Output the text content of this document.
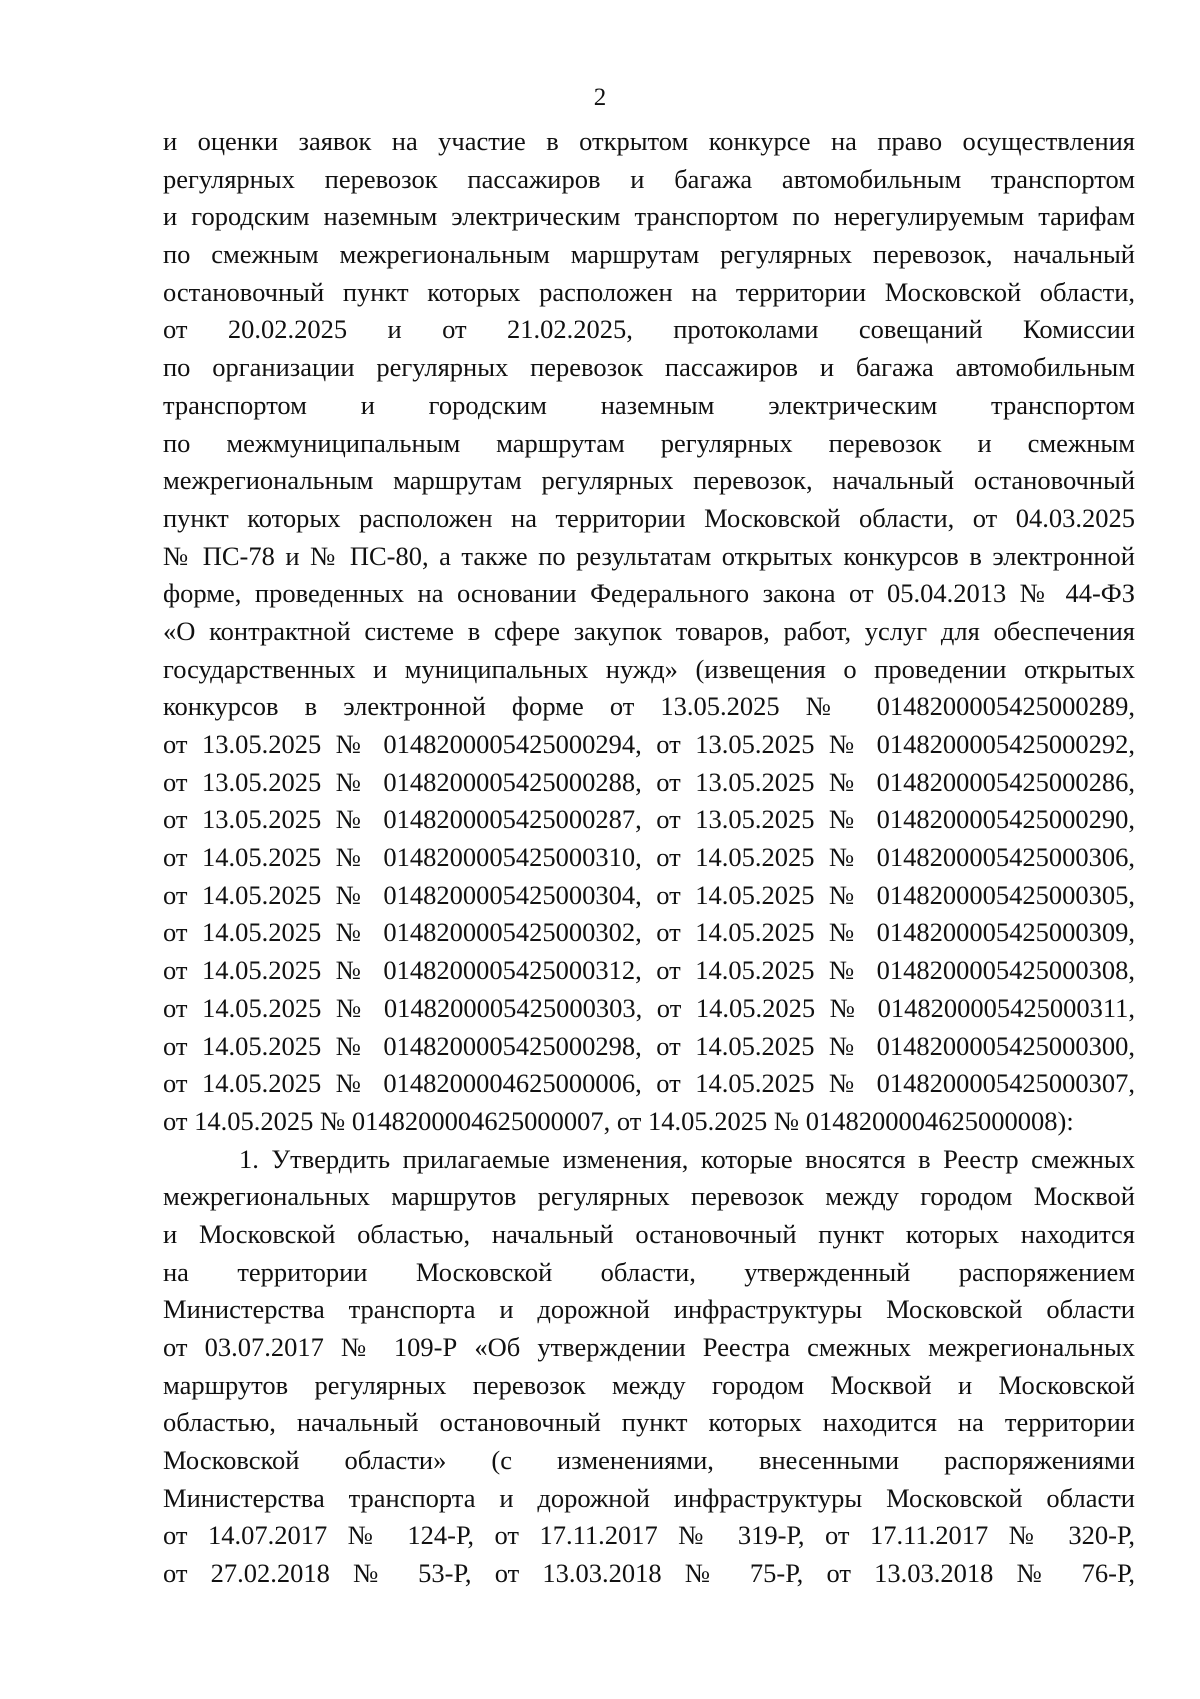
2
и оценки заявок на участие в открытом конкурсе на право осуществления
регулярных перевозок пассажиров и багажа автомобильным транспортом
и городским наземным электрическим транспортом по нерегулируемым тарифам
по смежным межрегиональным маршрутам регулярных перевозок, начальный
остановочный пункт которых расположен на территории Московской области,
от 20.02.2025 и от 21.02.2025, протоколами совещаний Комиссии
по организации регулярных перевозок пассажиров и багажа автомобильным
транспортом и городским наземным электрическим транспортом
по межмуниципальным маршрутам регулярных перевозок и смежным
межрегиональным маршрутам регулярных перевозок, начальный остановочный
пункт которых расположен на территории Московской области, от 04.03.2025
№ ПС-78 и № ПС-80, а также по результатам открытых конкурсов в электронной
форме, проведенных на основании Федерального закона от 05.04.2013 № 44-ФЗ
«О контрактной системе в сфере закупок товаров, работ, услуг для обеспечения
государственных и муниципальных нужд» (извещения о проведении открытых
конкурсов в электронной форме от 13.05.2025 № 0148200005425000289,
от 13.05.2025 № 0148200005425000294, от 13.05.2025 № 0148200005425000292,
от 13.05.2025 № 0148200005425000288, от 13.05.2025 № 0148200005425000286,
от 13.05.2025 № 0148200005425000287, от 13.05.2025 № 0148200005425000290,
от 14.05.2025 № 0148200005425000310, от 14.05.2025 № 0148200005425000306,
от 14.05.2025 № 0148200005425000304, от 14.05.2025 № 0148200005425000305,
от 14.05.2025 № 0148200005425000302, от 14.05.2025 № 0148200005425000309,
от 14.05.2025 № 0148200005425000312, от 14.05.2025 № 0148200005425000308,
от 14.05.2025 № 0148200005425000303, от 14.05.2025 № 0148200005425000311,
от 14.05.2025 № 0148200005425000298, от 14.05.2025 № 0148200005425000300,
от 14.05.2025 № 0148200004625000006, от 14.05.2025 № 0148200005425000307,
от 14.05.2025 № 0148200004625000007, от 14.05.2025 № 0148200004625000008):
1. Утвердить прилагаемые изменения, которые вносятся в Реестр смежных
межрегиональных маршрутов регулярных перевозок между городом Москвой
и Московской областью, начальный остановочный пункт которых находится
на территории Московской области, утвержденный распоряжением
Министерства транспорта и дорожной инфраструктуры Московской области
от 03.07.2017 № 109-Р «Об утверждении Реестра смежных межрегиональных
маршрутов регулярных перевозок между городом Москвой и Московской
областью, начальный остановочный пункт которых находится на территории
Московской области» (с изменениями, внесенными распоряжениями
Министерства транспорта и дорожной инфраструктуры Московской области
от 14.07.2017 № 124-Р, от 17.11.2017 № 319-Р, от 17.11.2017 № 320-Р,
от 27.02.2018 № 53-Р, от 13.03.2018 № 75-Р, от 13.03.2018 № 76-Р,
